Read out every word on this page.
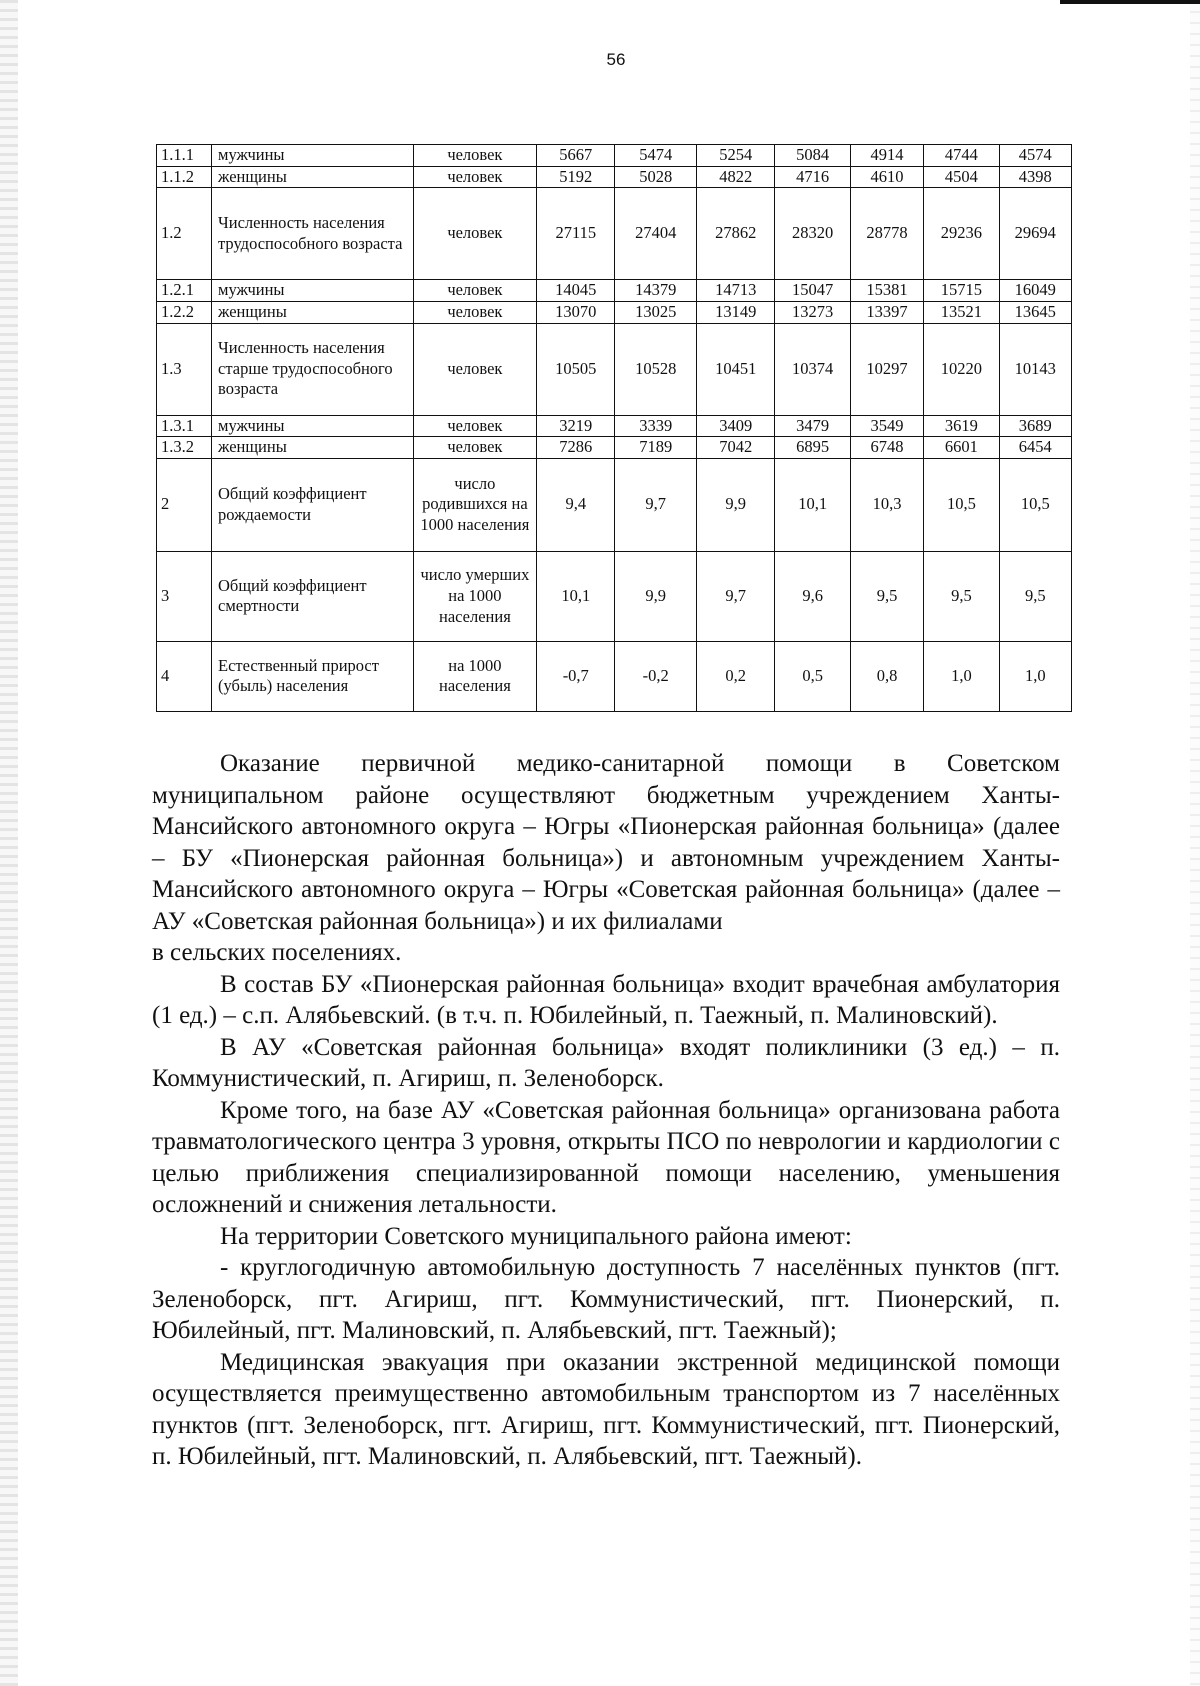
56
1.1.1	мужчины	человек	5667	5474	5254	5084	4914	4744	4574
1.1.2	женщины	человек	5192	5028	4822	4716	4610	4504	4398
1.2	Численность населения трудоспособного возраста	человек	27115	27404	27862	28320	28778	29236	29694
1.2.1	мужчины	человек	14045	14379	14713	15047	15381	15715	16049
1.2.2	женщины	человек	13070	13025	13149	13273	13397	13521	13645
1.3	Численность населения старше трудоспособного возраста	человек	10505	10528	10451	10374	10297	10220	10143
1.3.1	мужчины	человек	3219	3339	3409	3479	3549	3619	3689
1.3.2	женщины	человек	7286	7189	7042	6895	6748	6601	6454
2	Общий коэффициент рождаемости	число родившихся на 1000 населения	9,4	9,7	9,9	10,1	10,3	10,5	10,5
3	Общий коэффициент смертности	число умерших на 1000 населения	10,1	9,9	9,7	9,6	9,5	9,5	9,5
4	Естественный прирост (убыль) населения	на 1000 населения	-0,7	-0,2	0,2	0,5	0,8	1,0	1,0

Оказание первичной медико-санитарной помощи в Советском муниципальном районе осуществляют бюджетным учреждением Ханты-Мансийского автономного округа – Югры «Пионерская районная больница» (далее – БУ «Пионерская районная больница») и автономным учреждением Ханты-Мансийского автономного округа – Югры «Советская районная больница» (далее – АУ «Советская районная больница») и их филиалами

в сельских поселениях.

В состав БУ «Пионерская районная больница» входит врачебная амбулатория (1 ед.) – с.п. Алябьевский. (в т.ч. п. Юбилейный, п. Таежный, п. Малиновский).

В АУ «Советская районная больница» входят поликлиники (3 ед.) – п. Коммунистический, п. Агириш, п. Зеленоборск.

Кроме того, на базе АУ «Советская районная больница» организована работа травматологического центра 3 уровня, открыты ПСО по неврологии и кардиологии с целью приближения специализированной помощи населению, уменьшения осложнений и снижения летальности.

На территории Советского муниципального района имеют:

- круглогодичную автомобильную доступность 7 населённых пунктов (пгт. Зеленоборск, пгт. Агириш, пгт. Коммунистический, пгт. Пионерский, п. Юбилейный, пгт. Малиновский, п. Алябьевский, пгт. Таежный);

Медицинская эвакуация при оказании экстренной медицинской помощи осуществляется преимущественно автомобильным транспортом из 7 населённых пунктов (пгт. Зеленоборск, пгт. Агириш, пгт. Коммунистический, пгт. Пионерский, п. Юбилейный, пгт. Малиновский, п. Алябьевский, пгт. Таежный).
